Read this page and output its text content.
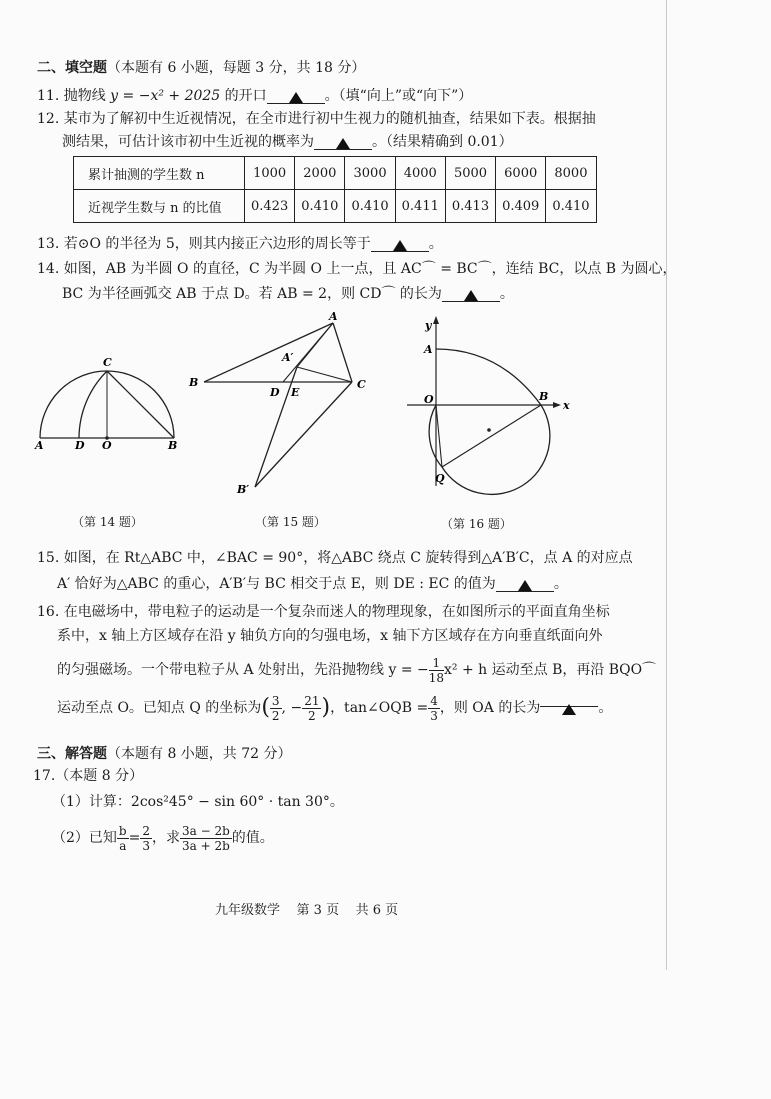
二、填空题（本题有 6 小题，每题 3 分，共 18 分）
11. 抛物线 y = −x² + 2025 的开口	。（填“向上”或“向下”）
12. 某市为了解初中生近视情况，在全市进行初中生视力的随机抽查，结果如下表。根据抽
测结果，可估计该市初中生近视的概率为	。（结果精确到 0.01）
累计抽测的学生数 n	1000	2000	3000	4000	5000	6000	8000
近视学生数与 n 的比值	0.423	0.410	0.410	0.411	0.413	0.409	0.410
13. 若⊙O 的半径为 5，则其内接正六边形的周长等于	。
14. 如图，AB 为半圆 O 的直径，C 为半圆 O 上一点，且 AC⌒ = BC⌒，连结 BC，以点 B 为圆心，
BC 为半径画弧交 AB 于点 D。若 AB = 2，则 CD⌒ 的长为	。
A	D O	B
C
（第 14 题）
A
A′
B	C
D E
B′
（第 15 题）
y
A
O	B
x
Q
（第 16 题）
15. 如图，在 Rt△ABC 中，∠BAC = 90°，将△ABC 绕点 C 旋转得到△A′B′C，点 A 的对应点
A′ 恰好为△ABC 的重心，A′B′与 BC 相交于点 E，则 DE : EC 的值为	。
16. 在电磁场中，带电粒子的运动是一个复杂而迷人的物理现象，在如图所示的平面直角坐标
系中，x 轴上方区域存在沿 y 轴负方向的匀强电场，x 轴下方区域存在方向垂直纸面向外
的匀强磁场。一个带电粒子从 A 处射出，先沿抛物线 y = − $\frac{1}{18} x^2 + h$ 运动至点 B，再沿 BQO⌒
运动至点 O。已知点 Q 的坐标为( $\frac{3}{2}$ , − $\frac{21}{2}$ )，tan∠OQB = $\frac{4}{3}$ ，则 OA 的长为	。
三、解答题（本题有 8 小题，共 72 分）
17.（本题 8 分）
（1）计算：2cos²45° − sin 60° · tan 30°。
（2）已知 $\frac{b}{a} = \frac{2}{3}$ ，求 $\frac{3a - 2b}{3a + 2b}$ 的值。
九年级数学 第 3 页 共 6 页
